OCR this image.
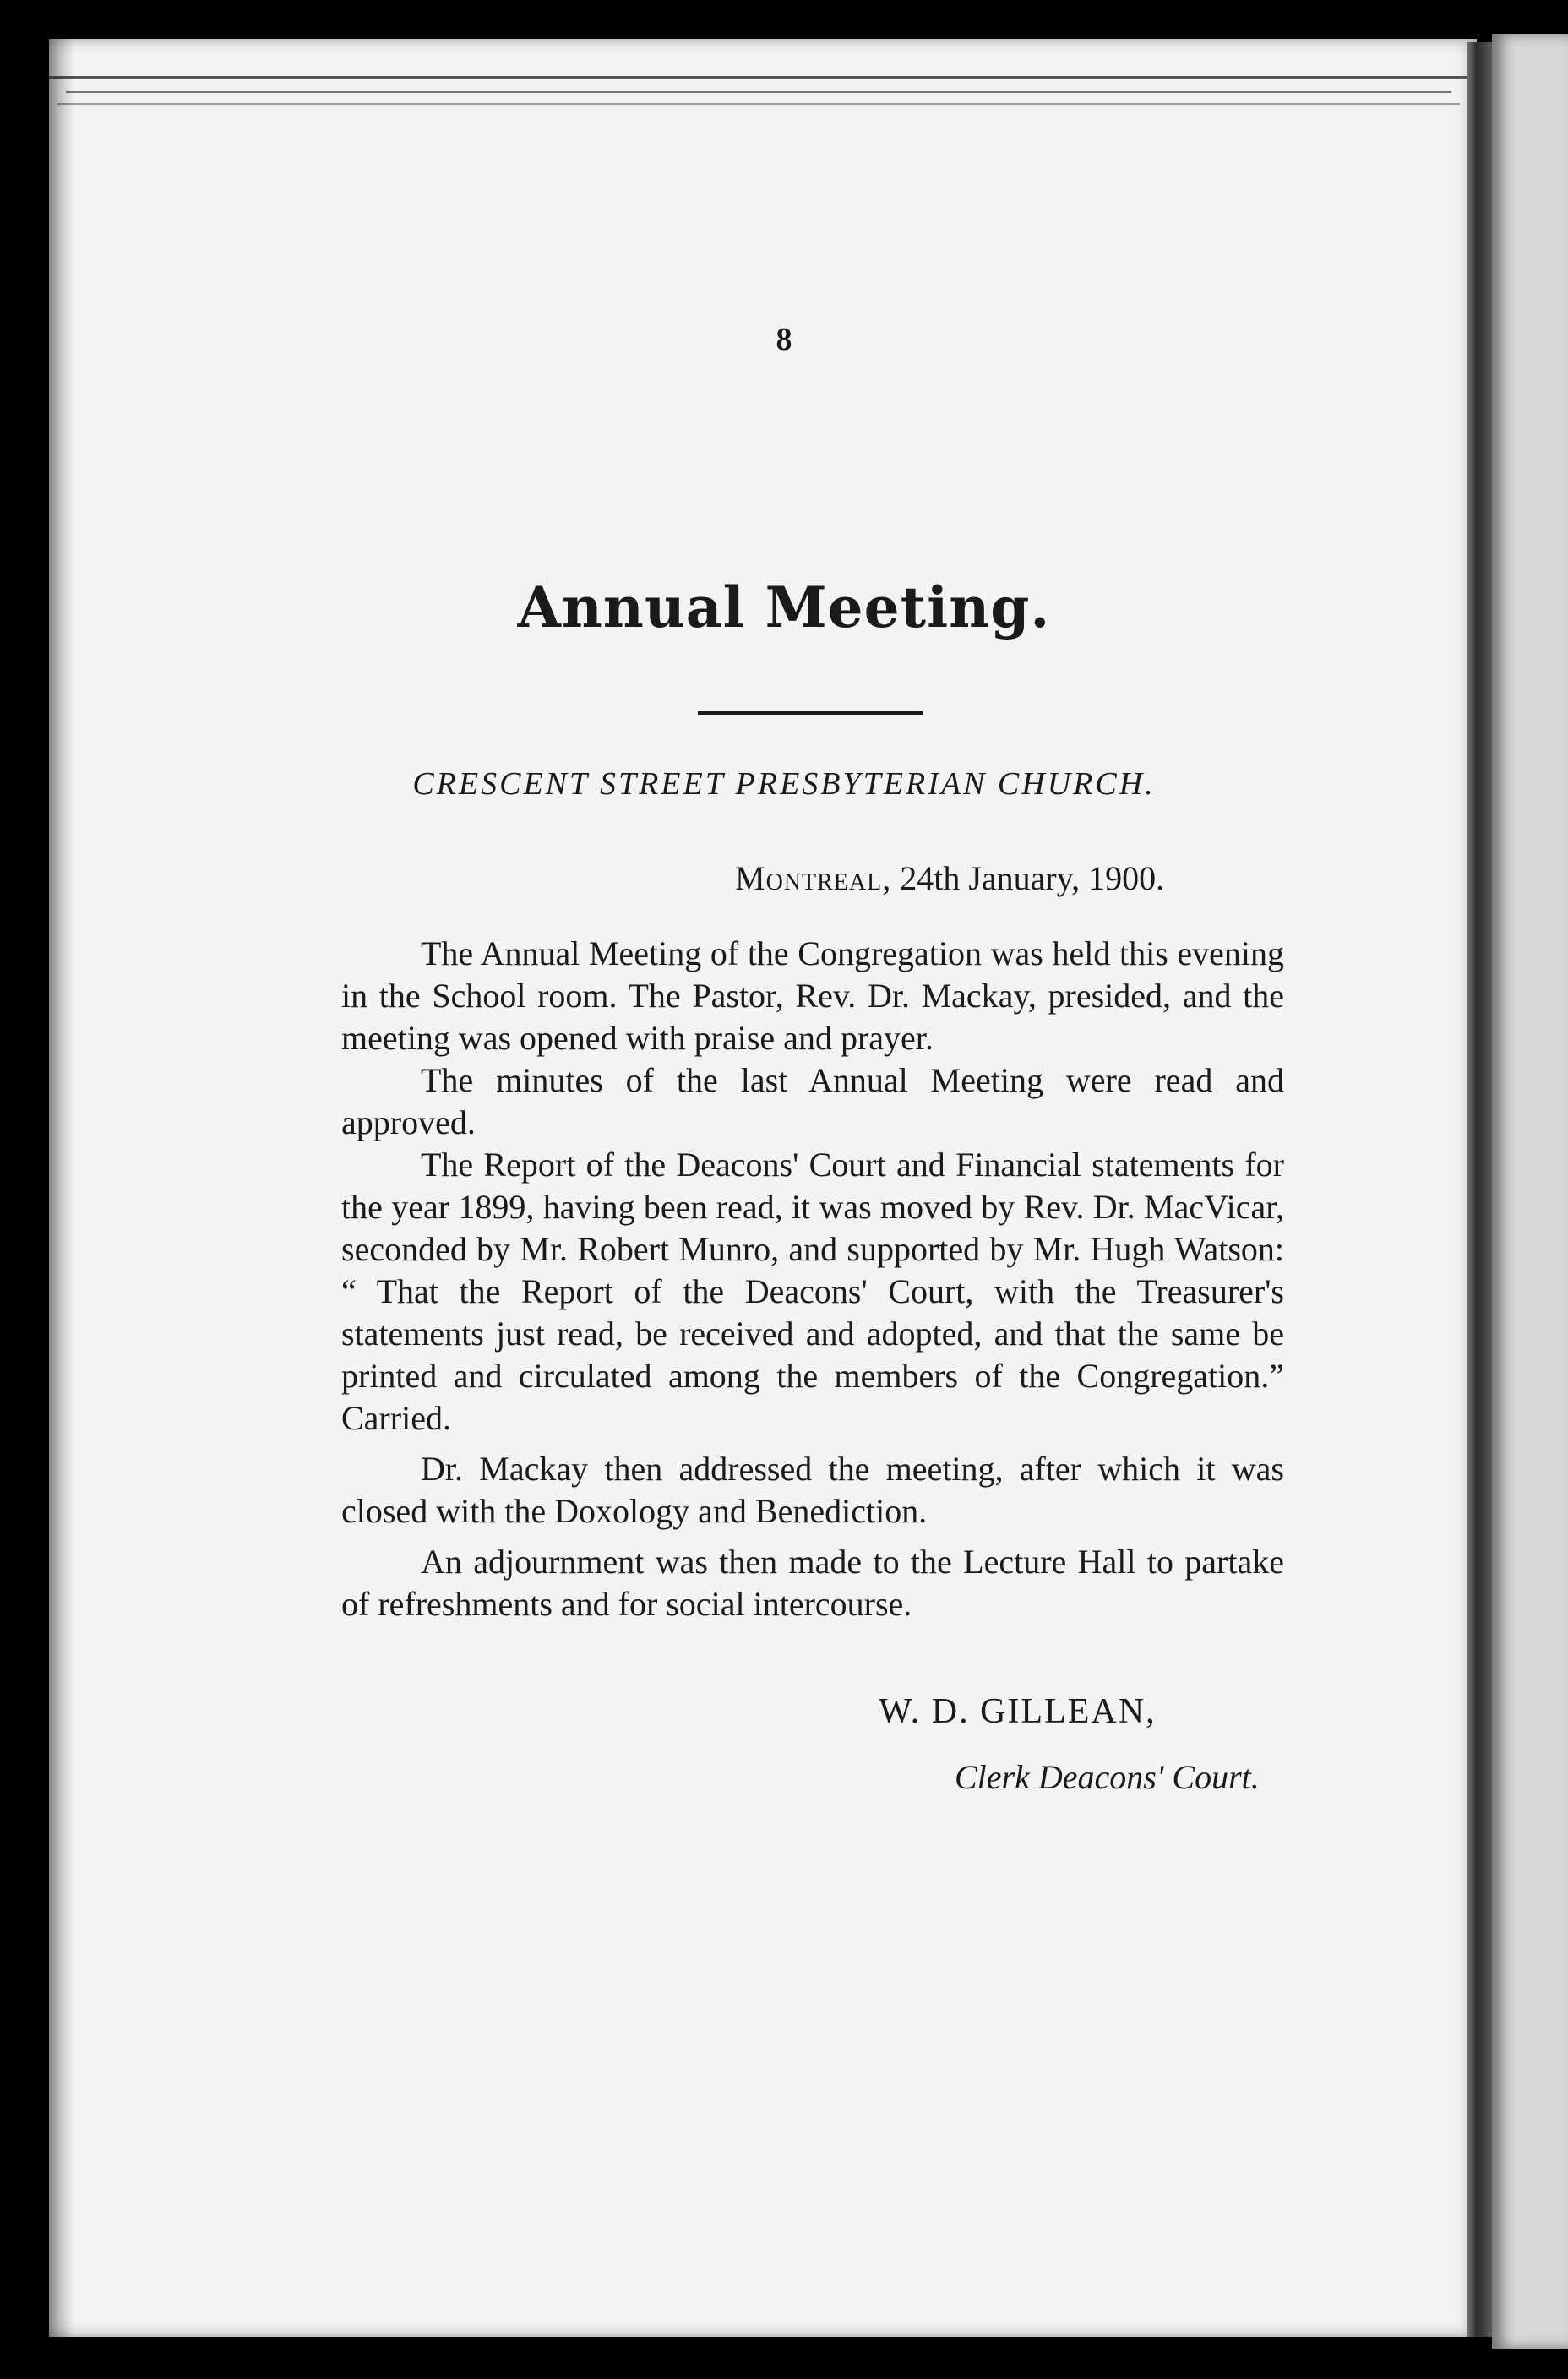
8
Annual Meeting.
CRESCENT STREET PRESBYTERIAN CHURCH.
Montreal, 24th January, 1900.

The Annual Meeting of the Congregation was held this evening in the School room. The Pastor, Rev. Dr. Mackay, presided, and the meeting was opened with praise and prayer.

The minutes of the last Annual Meeting were read and approved.

The Report of the Deacons' Court and Financial statements for the year 1899, having been read, it was moved by Rev. Dr. MacVicar, seconded by Mr. Robert Munro, and supported by Mr. Hugh Watson: “ That the Report of the Deacons' Court, with the Treasurer's statements just read, be received and adopted, and that the same be printed and circulated among the members of the Congregation.” Carried.

Dr. Mackay then addressed the meeting, after which it was closed with the Doxology and Benediction.

An adjournment was then made to the Lecture Hall to partake of refreshments and for social intercourse.

W. D. GILLEAN,
Clerk Deacons' Court.
